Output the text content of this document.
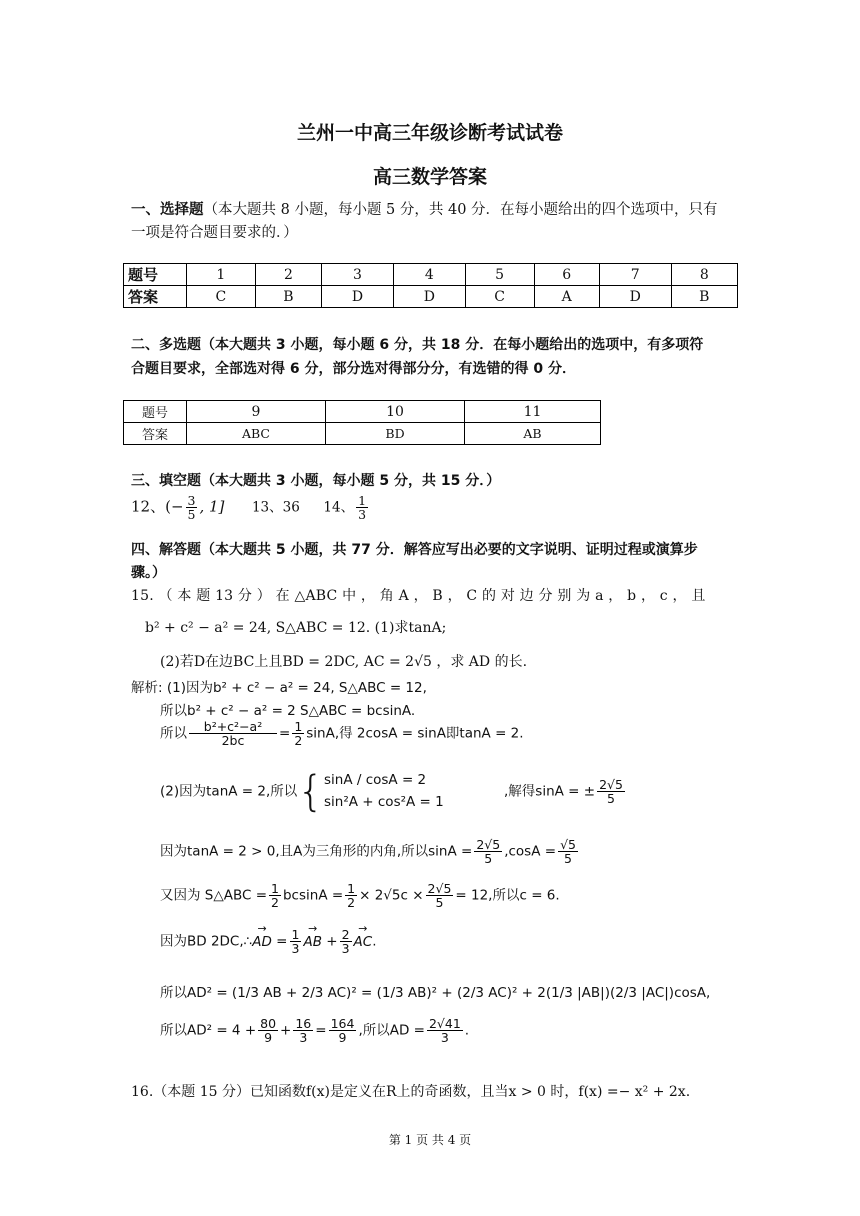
兰州一中高三年级诊断考试试卷
高三数学答案
一、选择题（本大题共 8 小题，每小题 5 分，共 40 分．在每小题给出的四个选项中，只有
一项是符合题目要求的．）
题号	1	2	3	4	5	6	7	8
答案	C	B	D	D	C	A	D	B
二、多选题（本大题共 3 小题，每小题 6 分，共 18 分．在每小题给出的选项中，有多项符
合题目要求，全部选对得 6 分，部分选对得部分分，有选错的得 0 分．
题号	9	10	11
答案	ABC	BD	AB
三、填空题（本大题共 3 小题，每小题 5 分，共 15 分．）
12、(− $\frac{3}{5}$ , 1] 13、36 14、 $\frac{1}{3}$
四、解答题（本大题共 5 小题，共 77 分．解答应写出必要的文字说明、证明过程或演算步
骤。）
15. （ 本 题 13 分 ） 在 △ABC 中 ， 角 A ， B ， C 的 对 边 分 别 为 a ， b ， c ， 且
b² + c² − a² = 24, S△ABC = 12. (1)求tanA;
(2)若D在边BC上且BD = 2DC, AC = 2√5 ，求 AD 的长.
解析: (1)因为b² + c² − a² = 24, S△ABC = 12,
所以b² + c² − a² = 2 S△ABC = bcsinA.
所以 $\frac{\text{b²+c²−a²}}{2bc} = \frac{1}{2} \sin A$,得 2cosA = sinA即tanA = 2.
(2)因为tanA = 2,所以{ sinA / cosA = 2
sin²A + cos²A = 1
,解得sinA = ± $\frac{2√5}{5}$
因为tanA = 2 > 0,且A为三角形的内角,所以$\sin A = \frac{2√5}{5} ,\cos A = \frac{√5}{5}$
又因为 S△ABC = $\frac{1}{2}$ $bcsinA = \frac{1}{2} \times 2√5c \times \frac{2√5}{5} = 12$,所以c = 6.
因为BD 2DC,∴→ AD = $\frac{1}{3}$ → AB + $\frac{2}{3}$ → AC.
所以AD² = (1/3 AB + 2/3 AC)² = (1/3 AB)² + (2/3 AC)² + 2(1/3 |AB|)(2/3 |AC|)cosA,
所以$AD^2 = 4 + \frac{80}{9} + \frac{16}{3} = \frac{164}{9}$ ,所以AD = $\frac{2√41}{3}$ .
16.（本题 15 分）已知函数f(x)是定义在R上的奇函数，且当x > 0 时，f(x) =− x² + 2x.
第 1 页 共 4 页
